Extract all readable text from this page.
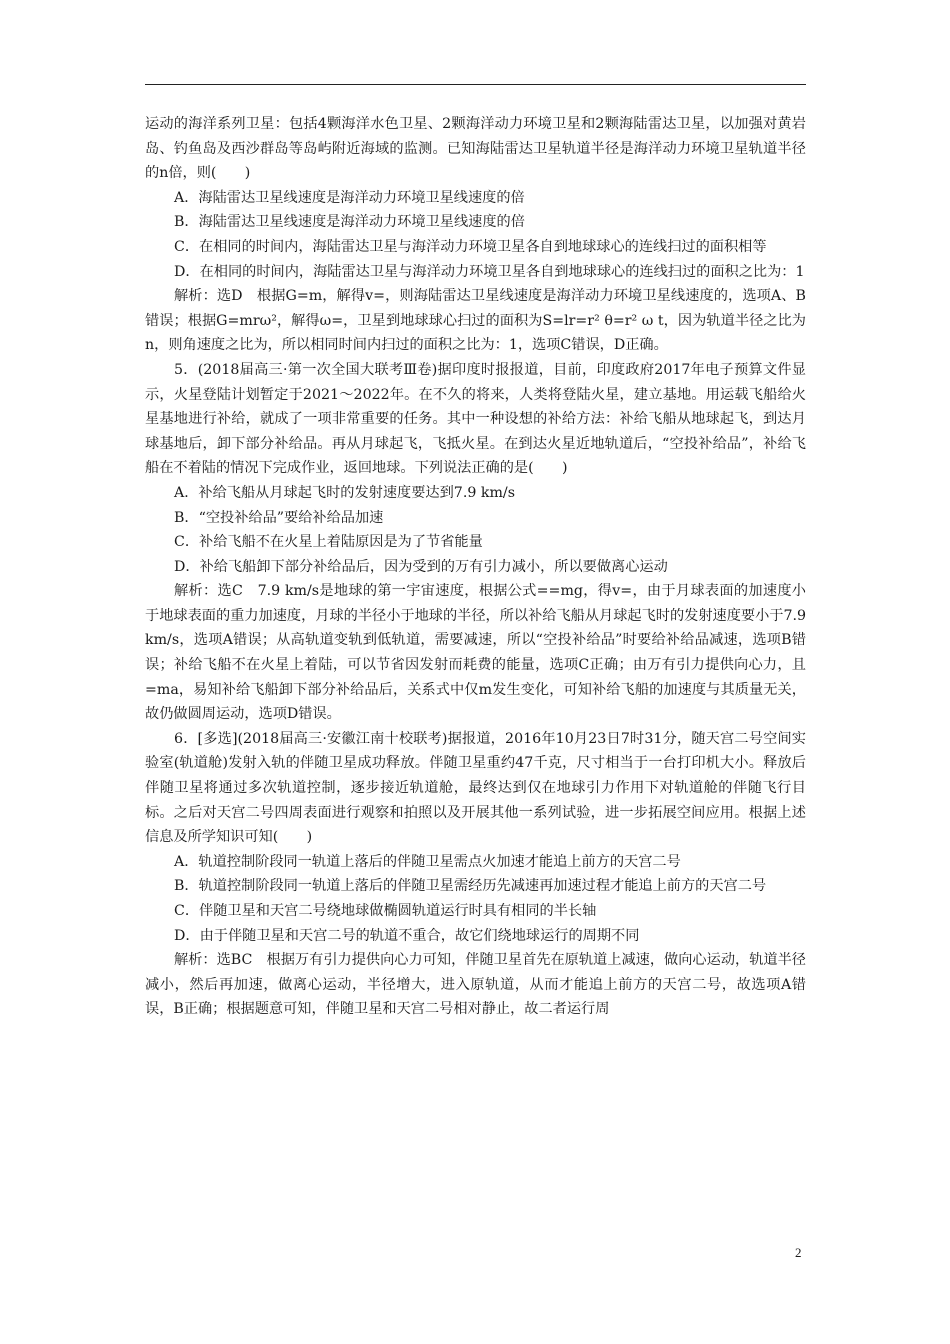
运动的海洋系列卫星：包括4颗海洋水色卫星、2颗海洋动力环境卫星和2颗海陆雷达卫星，以加强对黄岩岛、钓鱼岛及西沙群岛等岛屿附近海域的监测。已知海陆雷达卫星轨道半径是海洋动力环境卫星轨道半径的n倍，则(　　)

A．海陆雷达卫星线速度是海洋动力环境卫星线速度的倍

B．海陆雷达卫星线速度是海洋动力环境卫星线速度的倍

C．在相同的时间内，海陆雷达卫星与海洋动力环境卫星各自到地球球心的连线扫过的面积相等

D．在相同的时间内，海陆雷达卫星与海洋动力环境卫星各自到地球球心的连线扫过的面积之比为：1

解析：选D　根据G=m，解得v=，则海陆雷达卫星线速度是海洋动力环境卫星线速度的，选项A、B错误；根据G=mrω²，解得ω=，卫星到地球球心扫过的面积为S=lr=r² θ=r² ω t，因为轨道半径之比为n，则角速度之比为，所以相同时间内扫过的面积之比为：1，选项C错误，D正确。

5．(2018届高三·第一次全国大联考Ⅲ卷)据印度时报报道，目前，印度政府2017年电子预算文件显示，火星登陆计划暂定于2021～2022年。在不久的将来，人类将登陆火星，建立基地。用运载飞船给火星基地进行补给，就成了一项非常重要的任务。其中一种设想的补给方法：补给飞船从地球起飞，到达月球基地后，卸下部分补给品。再从月球起飞，飞抵火星。在到达火星近地轨道后，“空投补给品”，补给飞船在不着陆的情况下完成作业，返回地球。下列说法正确的是(　　)

A．补给飞船从月球起飞时的发射速度要达到7.9 km/s

B．“空投补给品”要给补给品加速

C．补给飞船不在火星上着陆原因是为了节省能量

D．补给飞船卸下部分补给品后，因为受到的万有引力减小，所以要做离心运动

解析：选C　7.9 km/s是地球的第一宇宙速度，根据公式==mg，得v=，由于月球表面的加速度小于地球表面的重力加速度，月球的半径小于地球的半径，所以补给飞船从月球起飞时的发射速度要小于7.9 km/s，选项A错误；从高轨道变轨到低轨道，需要减速，所以“空投补给品”时要给补给品减速，选项B错误；补给飞船不在火星上着陆，可以节省因发射而耗费的能量，选项C正确；由万有引力提供向心力，且=ma，易知补给飞船卸下部分补给品后，关系式中仅m发生变化，可知补给飞船的加速度与其质量无关，故仍做圆周运动，选项D错误。

6．[多选](2018届高三·安徽江南十校联考)据报道，2016年10月23日7时31分，随天宫二号空间实验室(轨道舱)发射入轨的伴随卫星成功释放。伴随卫星重约47千克，尺寸相当于一台打印机大小。释放后伴随卫星将通过多次轨道控制，逐步接近轨道舱，最终达到仅在地球引力作用下对轨道舱的伴随飞行目标。之后对天宫二号四周表面进行观察和拍照以及开展其他一系列试验，进一步拓展空间应用。根据上述信息及所学知识可知(　　)

A．轨道控制阶段同一轨道上落后的伴随卫星需点火加速才能追上前方的天宫二号

B．轨道控制阶段同一轨道上落后的伴随卫星需经历先减速再加速过程才能追上前方的天宫二号

C．伴随卫星和天宫二号绕地球做椭圆轨道运行时具有相同的半长轴

D．由于伴随卫星和天宫二号的轨道不重合，故它们绕地球运行的周期不同

解析：选BC　根据万有引力提供向心力可知，伴随卫星首先在原轨道上减速，做向心运动，轨道半径减小，然后再加速，做离心运动，半径增大，进入原轨道，从而才能追上前方的天宫二号，故选项A错误，B正确；根据题意可知，伴随卫星和天宫二号相对静止，故二者运行周

2
